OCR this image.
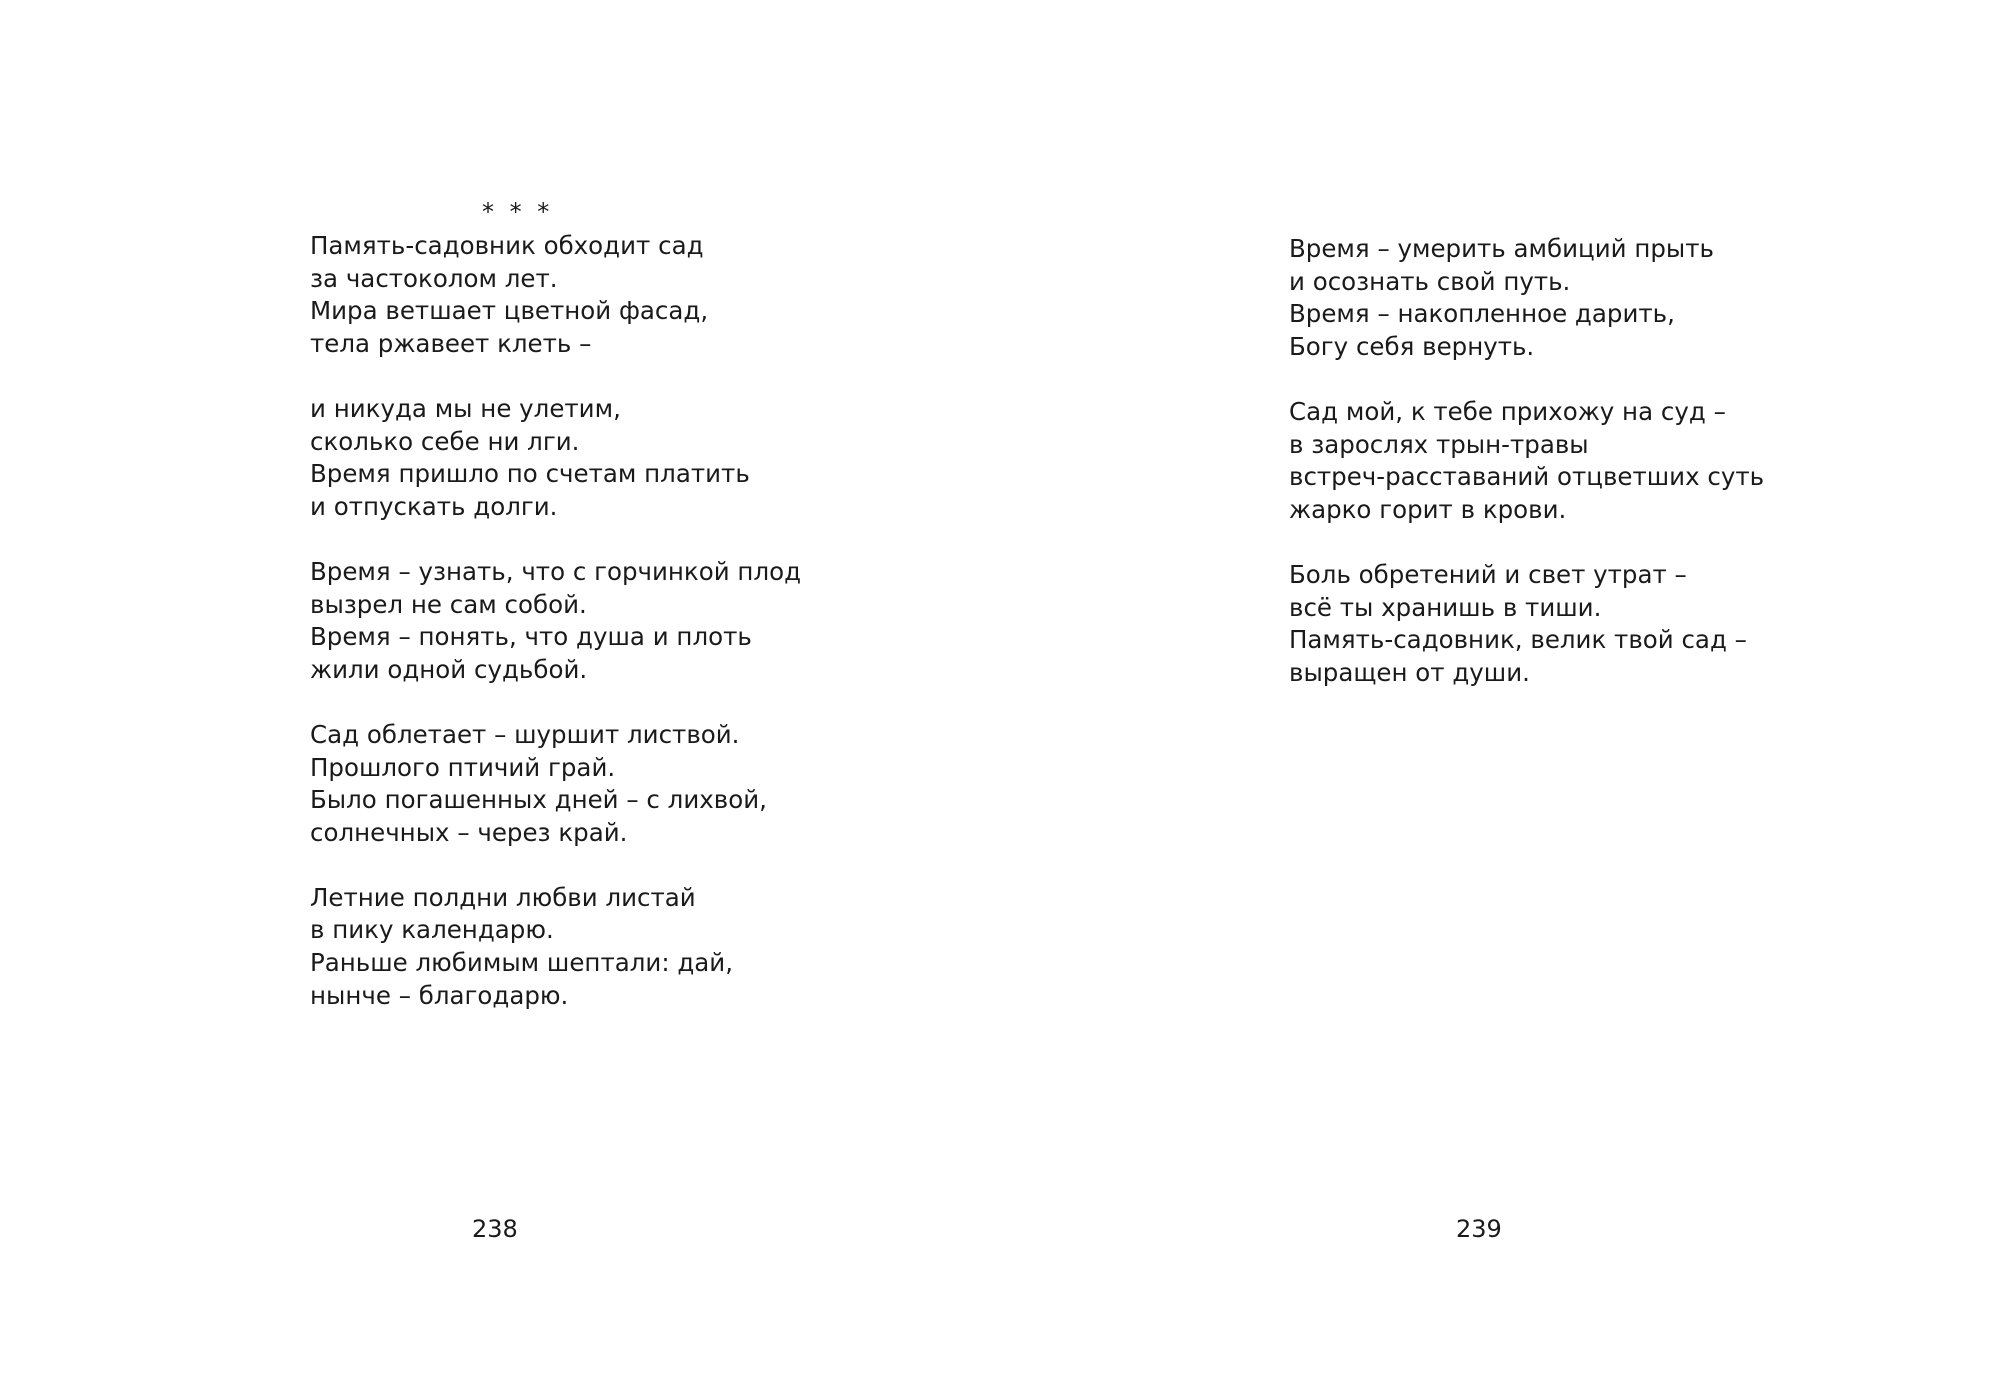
* * *
Память-садовник обходит сад
за частоколом лет.
Мира ветшает цветной фасад,
тела ржавеет клеть –
и никуда мы не улетим,
сколько себе ни лги.
Время пришло по счетам платить
и отпускать долги.
Время – узнать, что с горчинкой плод
вызрел не сам собой.
Время – понять, что душа и плоть
жили одной судьбой.
Сад облетает – шуршит листвой.
Прошлого птичий грай.
Было погашенных дней – с лихвой,
солнечных – через край.
Летние полдни любви листай
в пику календарю.
Раньше любимым шептали: дай,
нынче – благодарю.
238
Время – умерить амбиций прыть
и осознать свой путь.
Время – накопленное дарить,
Богу себя вернуть.
Сад мой, к тебе прихожу на суд –
в зарослях трын-травы
встреч-расставаний отцветших суть
жарко горит в крови.
Боль обретений и свет утрат –
всё ты хранишь в тиши.
Память-садовник, велик твой сад –
выращен от души.
239
